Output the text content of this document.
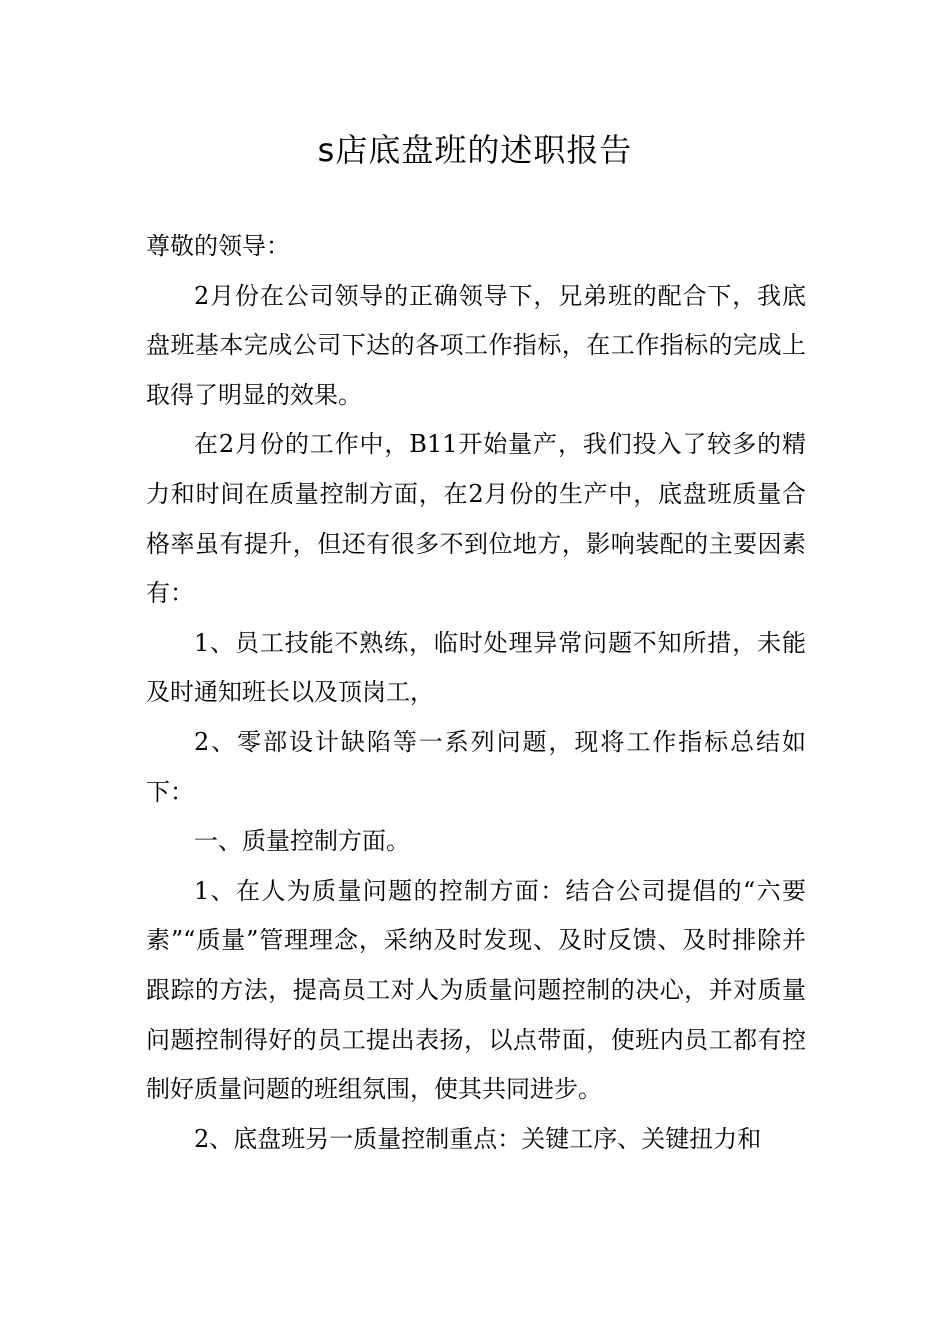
s店底盘班的述职报告

尊敬的领导：

2月份在公司领导的正确领导下，兄弟班的配合下，我底盘班基本完成公司下达的各项工作指标，在工作指标的完成上取得了明显的效果。

在2月份的工作中，B11开始量产，我们投入了较多的精力和时间在质量控制方面，在2月份的生产中，底盘班质量合格率虽有提升，但还有很多不到位地方，影响装配的主要因素有：

1、员工技能不熟练，临时处理异常问题不知所措，未能及时通知班长以及顶岗工，

2、零部设计缺陷等一系列问题，现将工作指标总结如下：

一、质量控制方面。

1、在人为质量问题的控制方面：结合公司提倡的“六要素”“质量”管理理念，采纳及时发现、及时反馈、及时排除并跟踪的方法，提高员工对人为质量问题控制的决心，并对质量问题控制得好的员工提出表扬，以点带面，使班内员工都有控制好质量问题的班组氛围，使其共同进步。

2、底盘班另一质量控制重点：关键工序、关键扭力和
